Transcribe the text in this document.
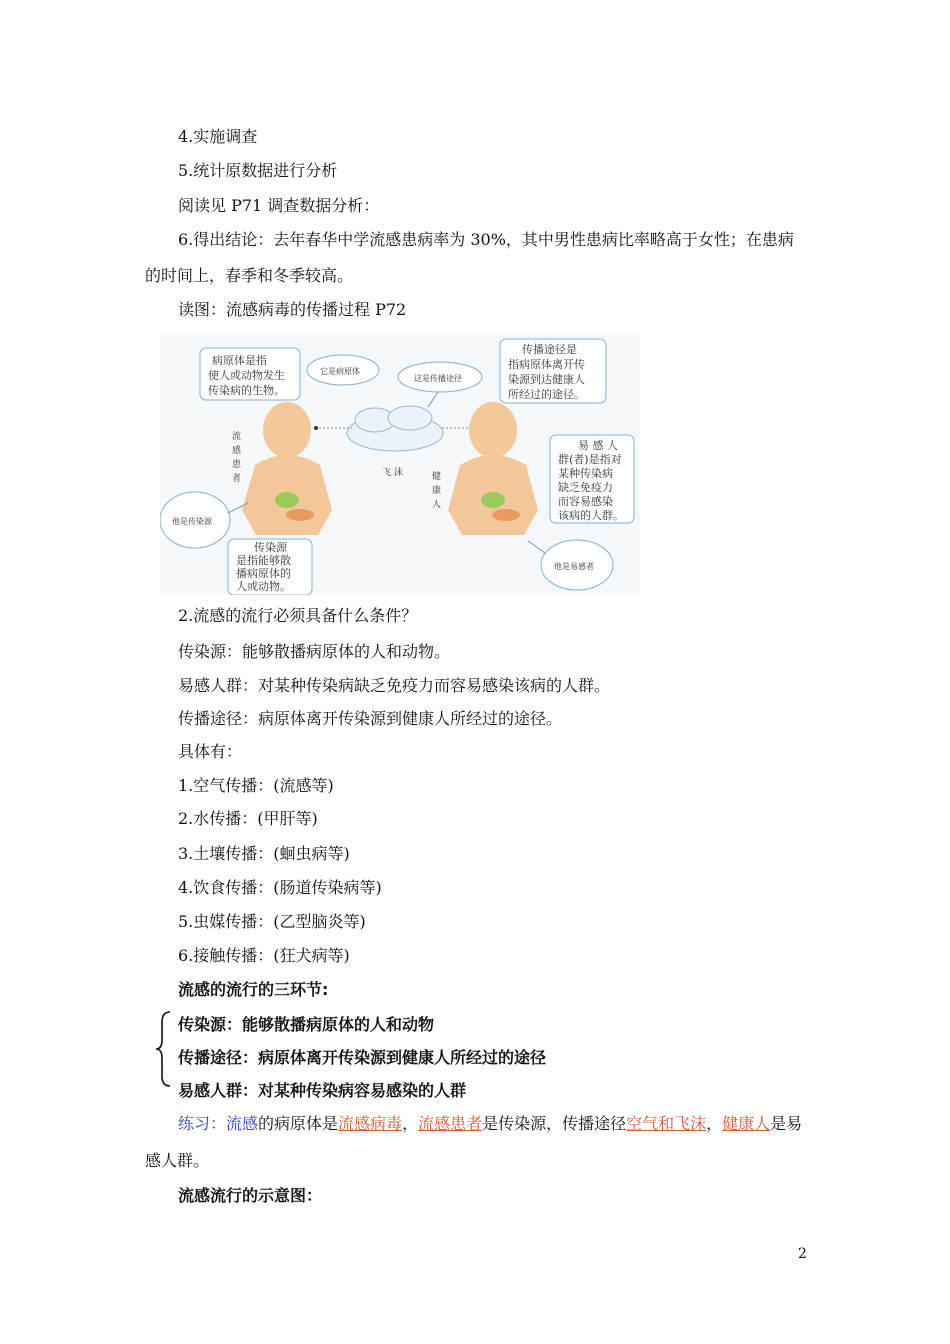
4.实施调查
5.统计原数据进行分析
阅读见 P71 调查数据分析：
6.得出结论：去年春华中学流感患病率为 30%，其中男性患病比率略高于女性；在患病
的时间上，春季和冬季较高。
读图：流感病毒的传播过程 P72
病原体是指 使人或动物发生 传染病的生物。
它是病原体
这是传播途径
传播途径是 指病原体离开传 染源到达健康人 所经过的途径。
流 感 患 者
飞 沫	健 康 人
易 感 人 群(者)是指对 某种传染病 缺乏免疫力 而容易感染 该病的人群。
他是传染源
传染源 是指能够散 播病原体的 人或动物。
他是易感者
2.流感的流行必须具备什么条件？
传染源：能够散播病原体的人和动物。
易感人群：对某种传染病缺乏免疫力而容易感染该病的人群。
传播途径：病原体离开传染源到健康人所经过的途径。
具体有：
1.空气传播：(流感等)
2.水传播：(甲肝等)
3.土壤传播：(蛔虫病等)
4.饮食传播：(肠道传染病等)
5.虫媒传播：(乙型脑炎等)
6.接触传播：(狂犬病等)
流感的流行的三环节:
传染源：能够散播病原体的人和动物
传播途径：病原体离开传染源到健康人所经过的途径
易感人群：对某种传染病容易感染的人群
练习：流感的病原体是流感病毒，流感患者是传染源，传播途径空气和飞沫，健康人是易
感人群。
流感流行的示意图：
2
